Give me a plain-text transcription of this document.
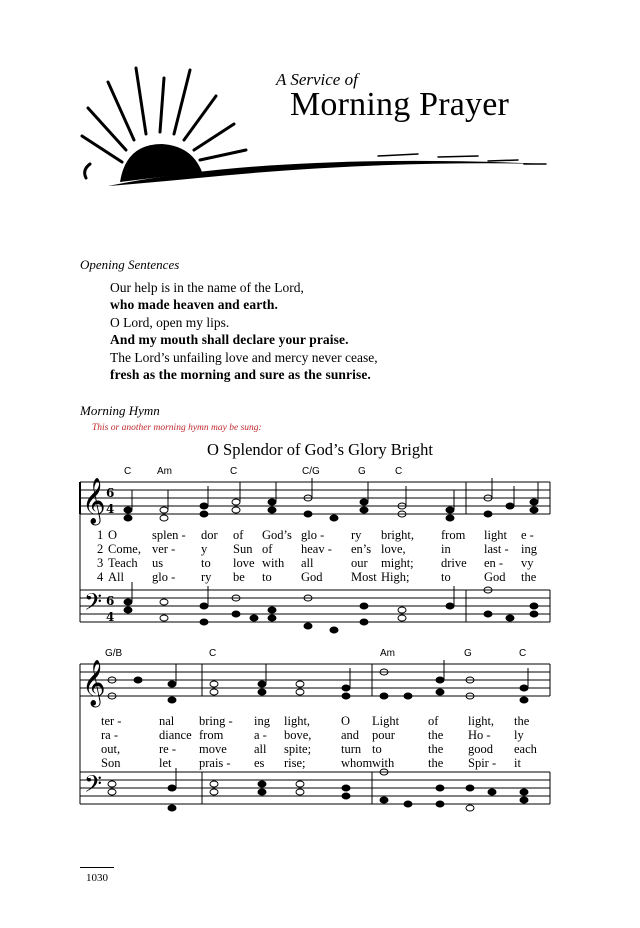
A Service of
Morning Prayer
Opening Sentences
Our help is in the name of the Lord,
who made heaven and earth.
O Lord, open my lips.
And my mouth shall declare your praise.
The Lord’s unfailing love and mercy never cease,
fresh as the morning and sure as the sunrise.
Morning Hymn
This or another morning hymn may be sung:
O Splendor of God’s Glory Bright
C	Am	C	C/G	G	C
𝄞
𝄢
6
4
6
4
1
2
3
4
O	splen - dor of God’s glo - ry bright, from light e -
Come, ver - y Sun of heav - en’s love,	in	last - ing
Teach us	to love with all	our might; drive en - vy
All glo - ry be to God Most High;	to	God the
G/B	C	Am	G	C
𝄞
𝄢
ter -	nal bring - ing light, O Light of light, the
ra -	diance from a - bove, and pour	the Ho - ly
out,	re - move all spite; turn to	the good each
Son	let prais - es rise;	whom with	the Spir - it
1030
